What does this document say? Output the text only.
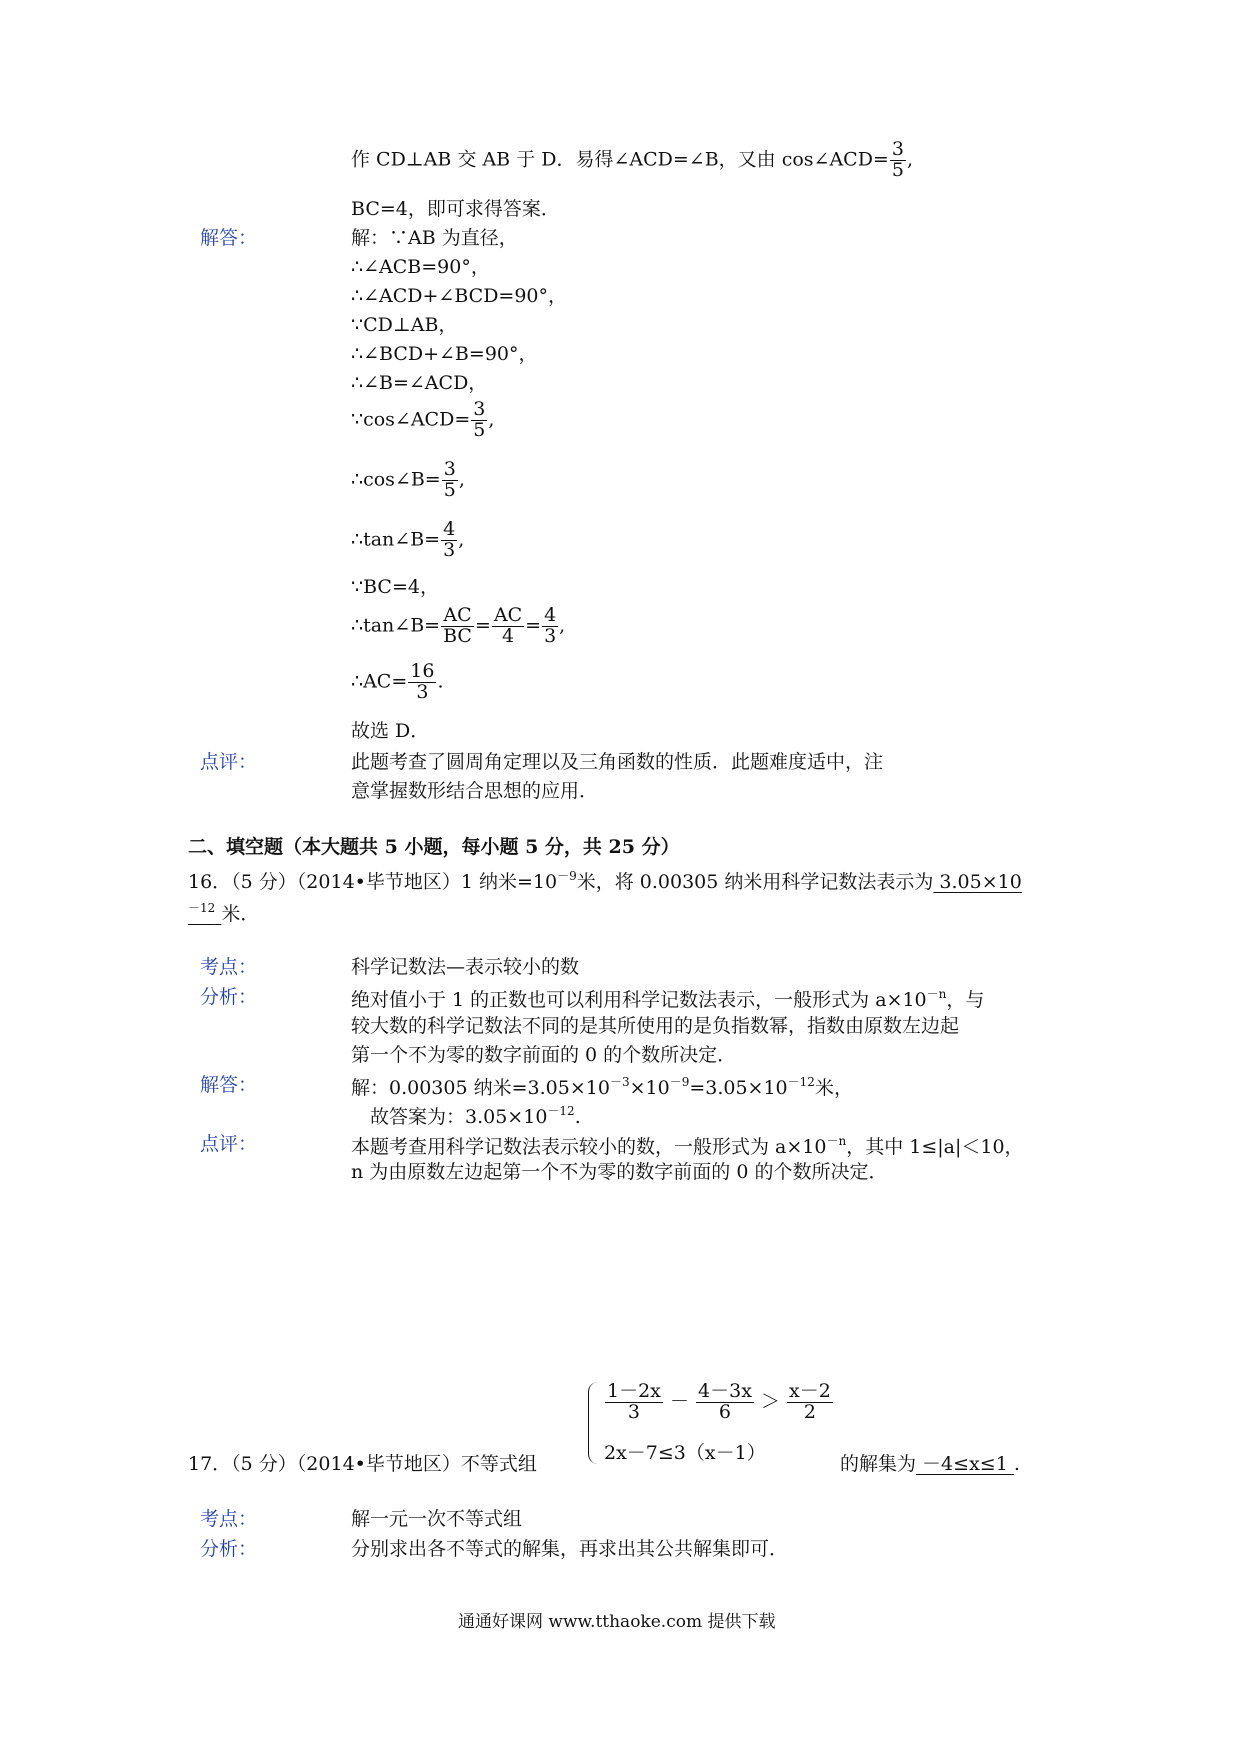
作 CD⊥AB 交 AB 于 D．易得∠ACD=∠B，又由 cos∠ACD= $\frac{3}{5}$ ,
BC=4，即可求得答案．
解答：	解：∵AB 为直径，
∴∠ACB=90°，
∴∠ACD+∠BCD=90°，
∵CD⊥AB，
∴∠BCD+∠B=90°，
∴∠B=∠ACD，
∵cos∠ACD= $\frac{3}{5}$ ,
∴cos∠B= $\frac{3}{5}$ ,
∴tan∠B= $\frac{4}{3}$ ,
∵BC=4，
∴tan∠B= $\frac{AC}{BC} = \frac{AC}{4} = \frac{4}{3}$ ,
∴AC= $\frac{16}{3}$ .
故选 D．
点评：	此题考查了圆周角定理以及三角函数的性质．此题难度适中，注
意掌握数形结合思想的应用．
二、填空题（本大题共 5 小题，每小题 5 分，共 25 分）
16．（5 分）（2014•毕节地区）1 纳米$=10^{-9}$米，将 0.00305 纳米用科学记数法表示为 3.05×10
$^{-12}$ 米．
考点：	科学记数法—表示较小的数
分析：	绝对值小于 1 的正数也可以利用科学记数法表示，一般形式为 $a\times 10^{-n}$，与
较大数的科学记数法不同的是其所使用的是负指数幂，指数由原数左边起
第一个不为零的数字前面的 0 的个数所决定．
解答：	解：0.00305 纳米$=3.05\times 10^{-3}\times 10^{-9}=3.05\times 10^{-12}$米，
故答案为：$3.05\times 10^{-12}$.
点评：	本题考查用科学记数法表示较小的数，一般形式为 $a\times 10^{-n}$，其中 1≤|a|＜10，
n 为由原数左边起第一个不为零的数字前面的 0 的个数所决定．
$\frac{1-2x}{3} - \frac{4-3x}{6} > \frac{x-2}{2}$
2x－7≤3（x－1）
17．（5 分）（2014•毕节地区）不等式组	的解集为 －4≤x≤1 .
考点：	解一元一次不等式组
分析：	分别求出各不等式的解集，再求出其公共解集即可．
通通好课网 www.tthaoke.com 提供下载
